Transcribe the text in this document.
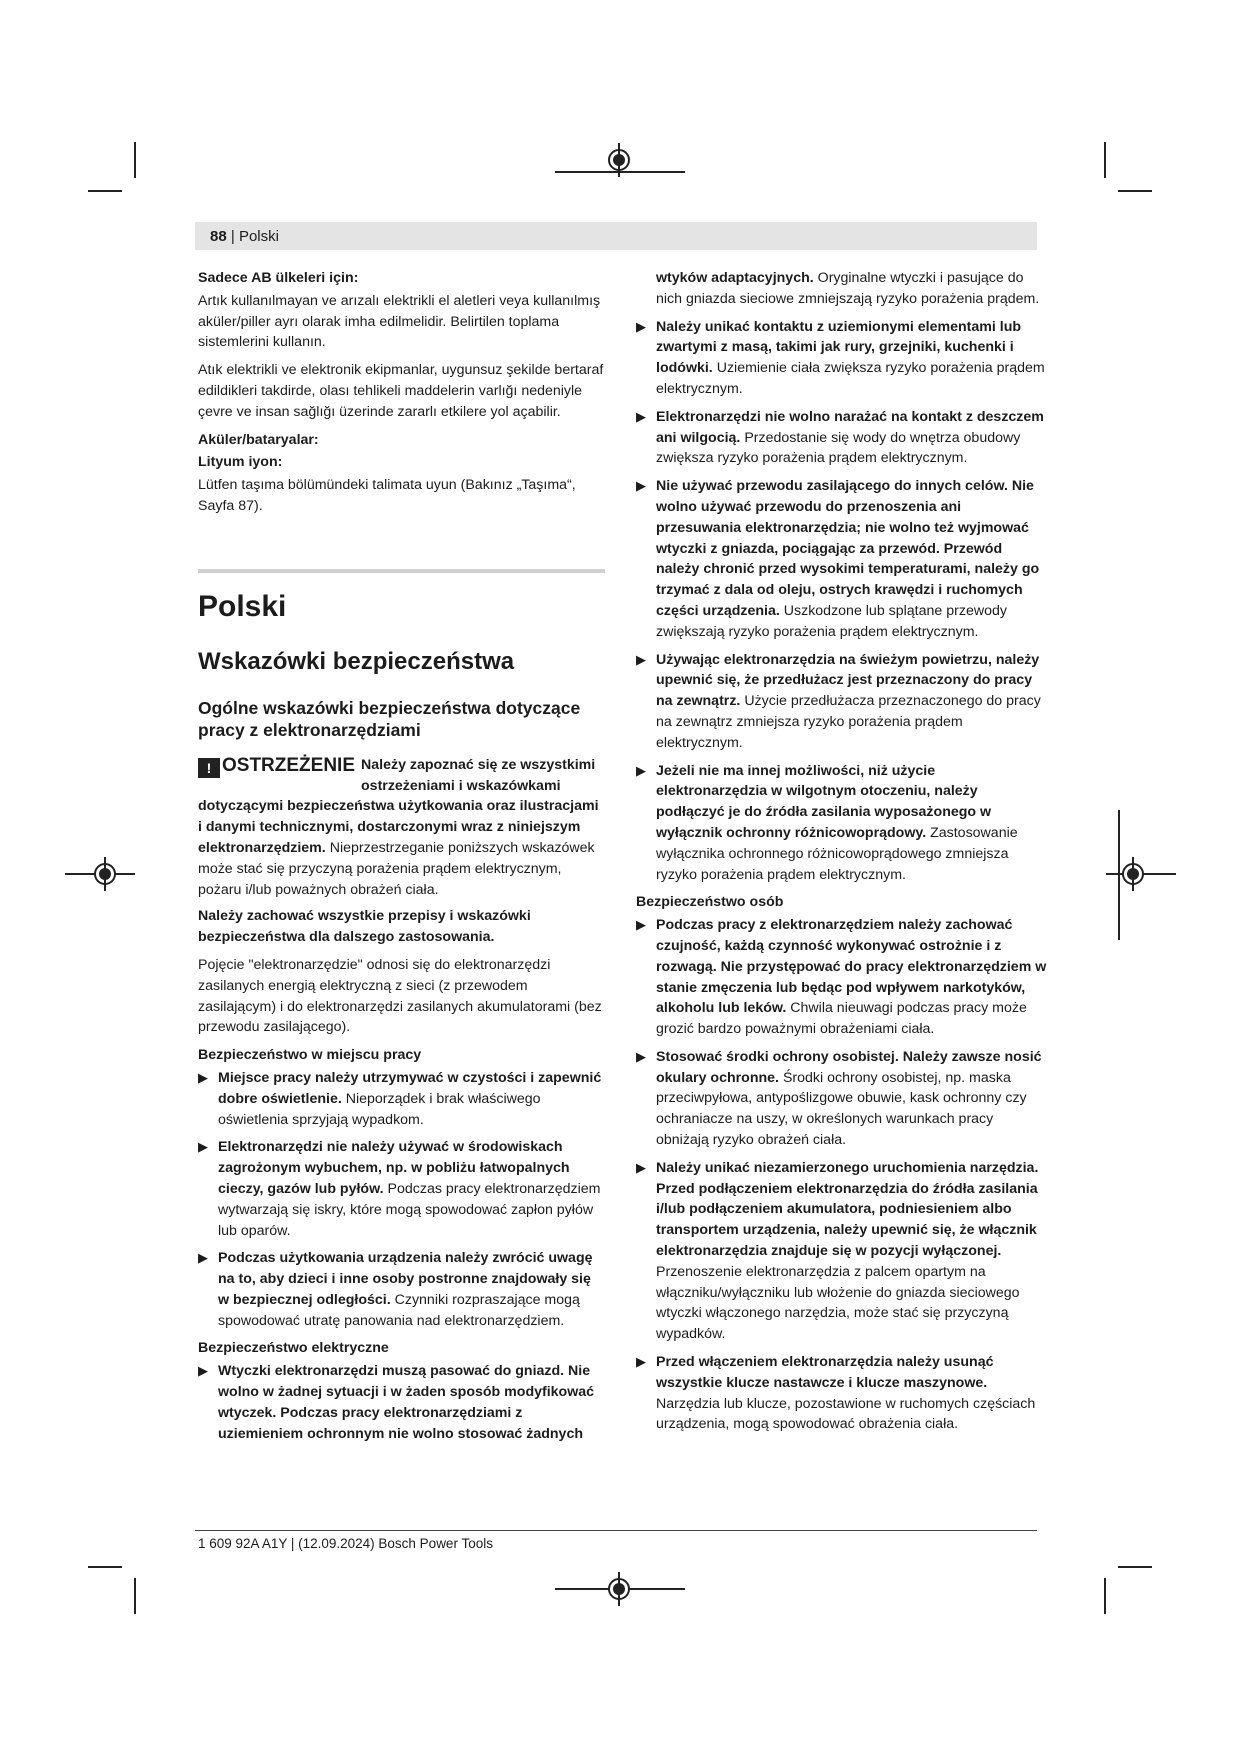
88 | Polski
Sadece AB ülkeleri için:

Artık kullanılmayan ve arızalı elektrikli el aletleri veya kullanılmış aküler/piller ayrı olarak imha edilmelidir. Belirtilen toplama sistemlerini kullanın.

Atık elektrikli ve elektronik ekipmanlar, uygunsuz şekilde bertaraf edildikleri takdirde, olası tehlikeli maddelerin varlığı nedeniyle çevre ve insan sağlığı üzerinde zararlı etkilere yol açabilir.

Aküler/bataryalar:
Lityum iyon:

Lütfen taşıma bölümündeki talimata uyun (Bakınız „Taşıma“, Sayfa 87).

Polski
Wskazówki bezpieczeństwa
Ogólne wskazówki bezpieczeństwa dotyczące pracy z elektronarzędziami
! OSTRZEŻENIE Należy zapoznać się ze wszystkimi ostrzeżeniami i wskazówkami dotyczącymi bezpieczeństwa użytkowania oraz ilustracjami i danymi technicznymi, dostarczonymi wraz z niniejszym elektronarzędziem. Nieprzestrzeganie poniższych wskazówek może stać się przyczyną porażenia prądem elektrycznym, pożaru i/lub poważnych obrażeń ciała.

Należy zachować wszystkie przepisy i wskazówki bezpieczeństwa dla dalszego zastosowania.

Pojęcie "elektronarzędzie" odnosi się do elektronarzędzi zasilanych energią elektryczną z sieci (z przewodem zasilającym) i do elektronarzędzi zasilanych akumulatorami (bez przewodu zasilającego).

Bezpieczeństwo w miejscu pracy
▶ Miejsce pracy należy utrzymywać w czystości i zapewnić dobre oświetlenie. Nieporządek i brak właściwego oświetlenia sprzyjają wypadkom.
▶ Elektronarzędzi nie należy używać w środowiskach zagrożonym wybuchem, np. w pobliżu łatwopalnych cieczy, gazów lub pyłów. Podczas pracy elektronarzędziem wytwarzają się iskry, które mogą spowodować zapłon pyłów lub oparów.
▶ Podczas użytkowania urządzenia należy zwrócić uwagę na to, aby dzieci i inne osoby postronne znajdowały się w bezpiecznej odległości. Czynniki rozpraszające mogą spowodować utratę panowania nad elektronarzędziem.
Bezpieczeństwo elektryczne
▶ Wtyczki elektronarzędzi muszą pasować do gniazd. Nie wolno w żadnej sytuacji i w żaden sposób modyfikować wtyczek. Podczas pracy elektronarzędziami z uziemieniem ochronnym nie wolno stosować żadnych

wtyków adaptacyjnych. Oryginalne wtyczki i pasujące do nich gniazda sieciowe zmniejszają ryzyko porażenia prądem.

▶ Należy unikać kontaktu z uziemionymi elementami lub zwartymi z masą, takimi jak rury, grzejniki, kuchenki i lodówki. Uziemienie ciała zwiększa ryzyko porażenia prądem elektrycznym.
▶ Elektronarzędzi nie wolno narażać na kontakt z deszczem ani wilgocią. Przedostanie się wody do wnętrza obudowy zwiększa ryzyko porażenia prądem elektrycznym.
▶ Nie używać przewodu zasilającego do innych celów. Nie wolno używać przewodu do przenoszenia ani przesuwania elektronarzędzia; nie wolno też wyjmować wtyczki z gniazda, pociągając za przewód. Przewód należy chronić przed wysokimi temperaturami, należy go trzymać z dala od oleju, ostrych krawędzi i ruchomych części urządzenia. Uszkodzone lub splątane przewody zwiększają ryzyko porażenia prądem elektrycznym.
▶ Używając elektronarzędzia na świeżym powietrzu, należy upewnić się, że przedłużacz jest przeznaczony do pracy na zewnątrz. Użycie przedłużacza przeznaczonego do pracy na zewnątrz zmniejsza ryzyko porażenia prądem elektrycznym.
▶ Jeżeli nie ma innej możliwości, niż użycie elektronarzędzia w wilgotnym otoczeniu, należy podłączyć je do źródła zasilania wyposażonego w wyłącznik ochronny różnicowoprądowy. Zastosowanie wyłącznika ochronnego różnicowoprądowego zmniejsza ryzyko porażenia prądem elektrycznym.
Bezpieczeństwo osób
▶ Podczas pracy z elektronarzędziem należy zachować czujność, każdą czynność wykonywać ostrożnie i z rozwagą. Nie przystępować do pracy elektronarzędziem w stanie zmęczenia lub będąc pod wpływem narkotyków, alkoholu lub leków. Chwila nieuwagi podczas pracy może grozić bardzo poważnymi obrażeniami ciała.
▶ Stosować środki ochrony osobistej. Należy zawsze nosić okulary ochronne. Środki ochrony osobistej, np. maska przeciwpyłowa, antypoślizgowe obuwie, kask ochronny czy ochraniacze na uszy, w określonych warunkach pracy obniżają ryzyko obrażeń ciała.
▶ Należy unikać niezamierzonego uruchomienia narzędzia. Przed podłączeniem elektronarzędzia do źródła zasilania i/lub podłączeniem akumulatora, podniesieniem albo transportem urządzenia, należy upewnić się, że włącznik elektronarzędzia znajduje się w pozycji wyłączonej. Przenoszenie elektronarzędzia z palcem opartym na włączniku/wyłączniku lub włożenie do gniazda sieciowego wtyczki włączonego narzędzia, może stać się przyczyną wypadków.
▶ Przed włączeniem elektronarzędzia należy usunąć wszystkie klucze nastawcze i klucze maszynowe. Narzędzia lub klucze, pozostawione w ruchomych częściach urządzenia, mogą spowodować obrażenia ciała.
1 609 92A A1Y | (12.09.2024) Bosch Power Tools
